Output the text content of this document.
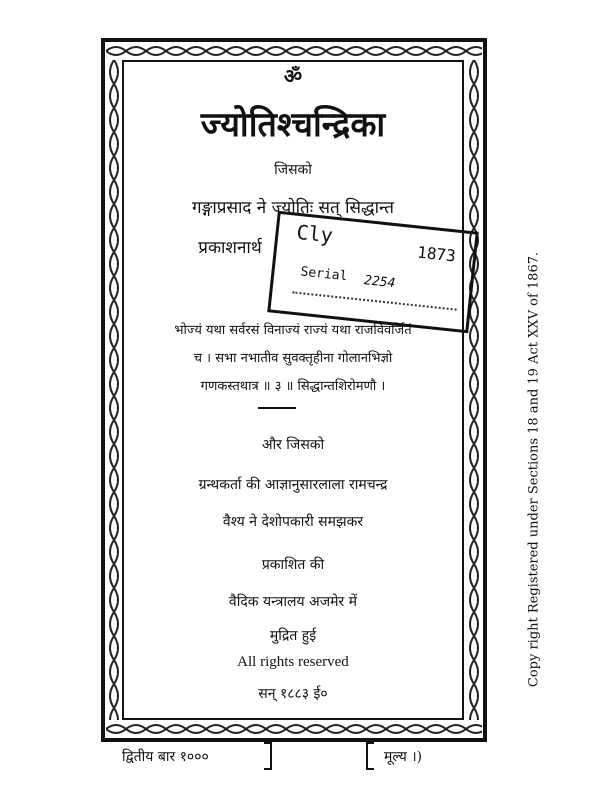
ॐ
ज्योतिश्चन्द्रिका
जिसको
गङ्गाप्रसाद ने ज्योतिः सत् सिद्धान्त
प्रकाशनार्थ
Cly
1873
Serial 2254
भोज्यं यथा सर्वरसं विनाज्यं राज्यं यथा राजविवर्जितं
च । सभा नभातीव सुवक्तृहीना गोलानभिज्ञो
गणकस्तथात्र ॥ ३ ॥ सिद्धान्तशिरोमणौ ।
और जिसको
ग्रन्थकर्ता की आज्ञानुसारलाला रामचन्द्र
वैश्य ने देशोपकारी समझकर
प्रकाशित की
वैदिक यन्त्रालय अजमेर में
मुद्रित हुई
All rights reserved
सन् १८८३ ई०
Copy right Registered under Sections 18 and 19 Act XXV of 1867.
द्वितीय बार १०००	मूल्य ।)
